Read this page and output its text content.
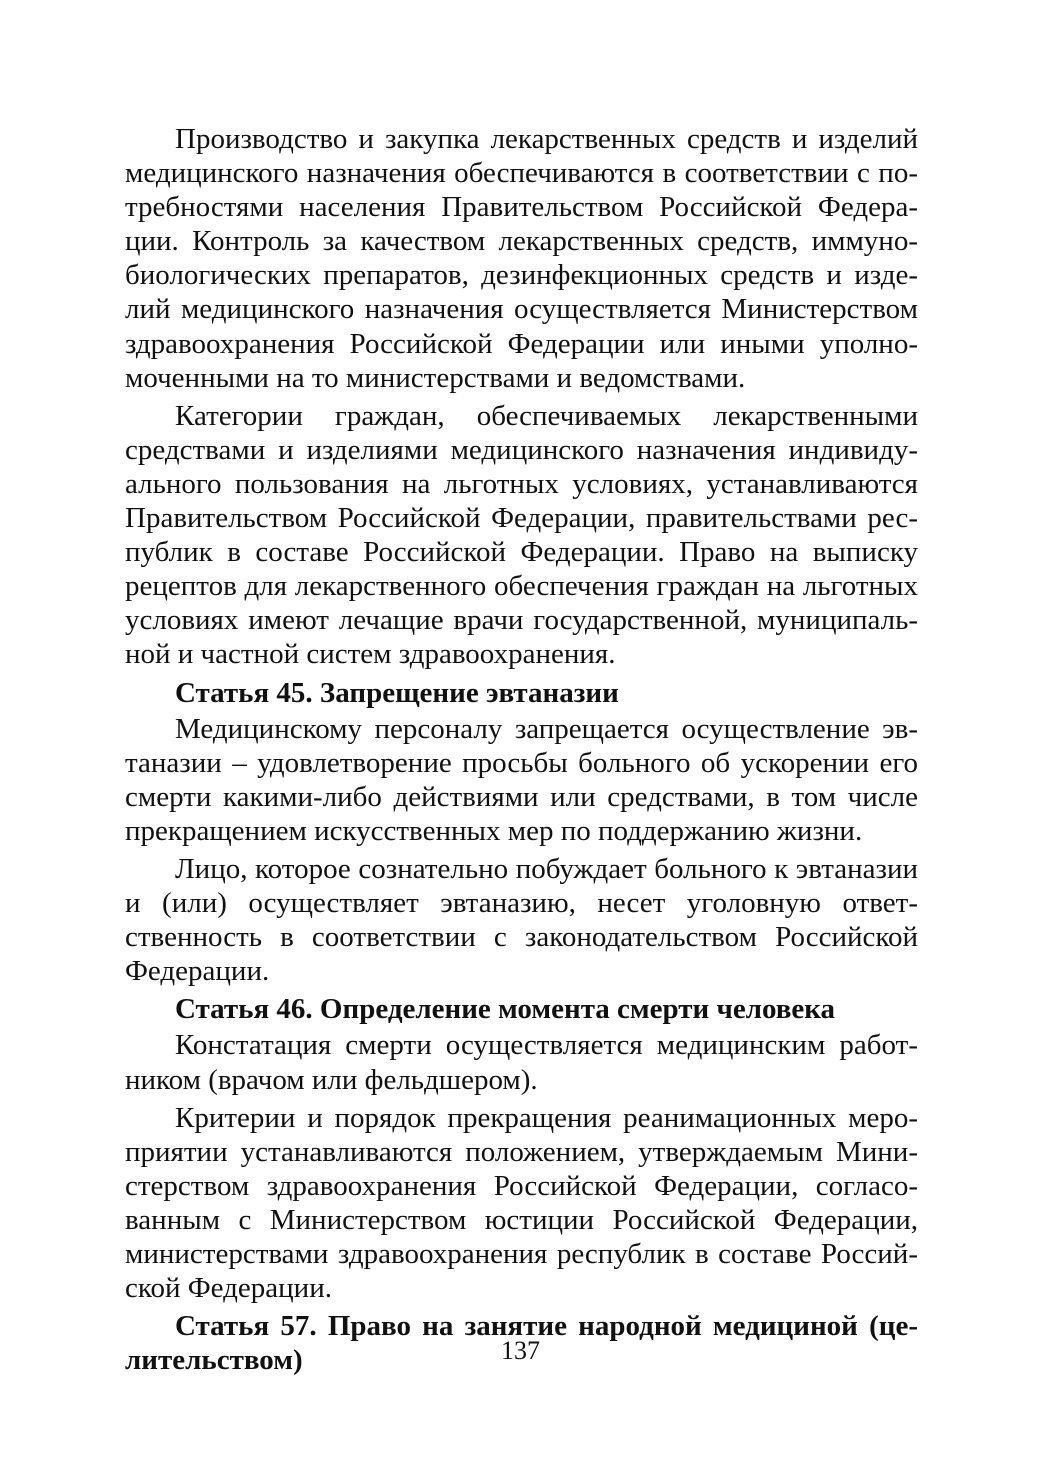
Производство и закупка лекарственных средств и изделий медицинского назначения обеспечиваются в соответствии с потребностями населения Правительством Российской Федерации. Контроль за качеством лекарственных средств, иммунобиологических препаратов, дезинфекционных средств и изделий медицинского назначения осуществляется Министерством здравоохранения Российской Федерации или иными уполномоченными на то министерствами и ведомствами.

Категории граждан, обеспечиваемых лекарственными средствами и изделиями медицинского назначения индивидуального пользования на льготных условиях, устанавливаются Правительством Российской Федерации, правительствами республик в составе Российской Федерации. Право на выписку рецептов для лекарственного обеспечения граждан на льготных условиях имеют лечащие врачи государственной, муниципальной и частной систем здравоохранения.

Статья 45. Запрещение эвтаназии

Медицинскому персоналу запрещается осуществление эвтаназии – удовлетворение просьбы больного об ускорении его смерти какими-либо действиями или средствами, в том числе прекращением искусственных мер по поддержанию жизни.

Лицо, которое сознательно побуждает больного к эвтаназии и (или) осуществляет эвтаназию, несет уголовную ответственность в соответствии с законодательством Российской Федерации.

Статья 46. Определение момента смерти человека

Констатация смерти осуществляется медицинским работником (врачом или фельдшером).

Критерии и порядок прекращения реанимационных мероприятии устанавливаются положением, утверждаемым Министерством здравоохранения Российской Федерации, согласованным с Министерством юстиции Российской Федерации, министерствами здравоохранения республик в составе Российской Федерации.

Статья 57. Право на занятие народной медициной (целительством)	137
